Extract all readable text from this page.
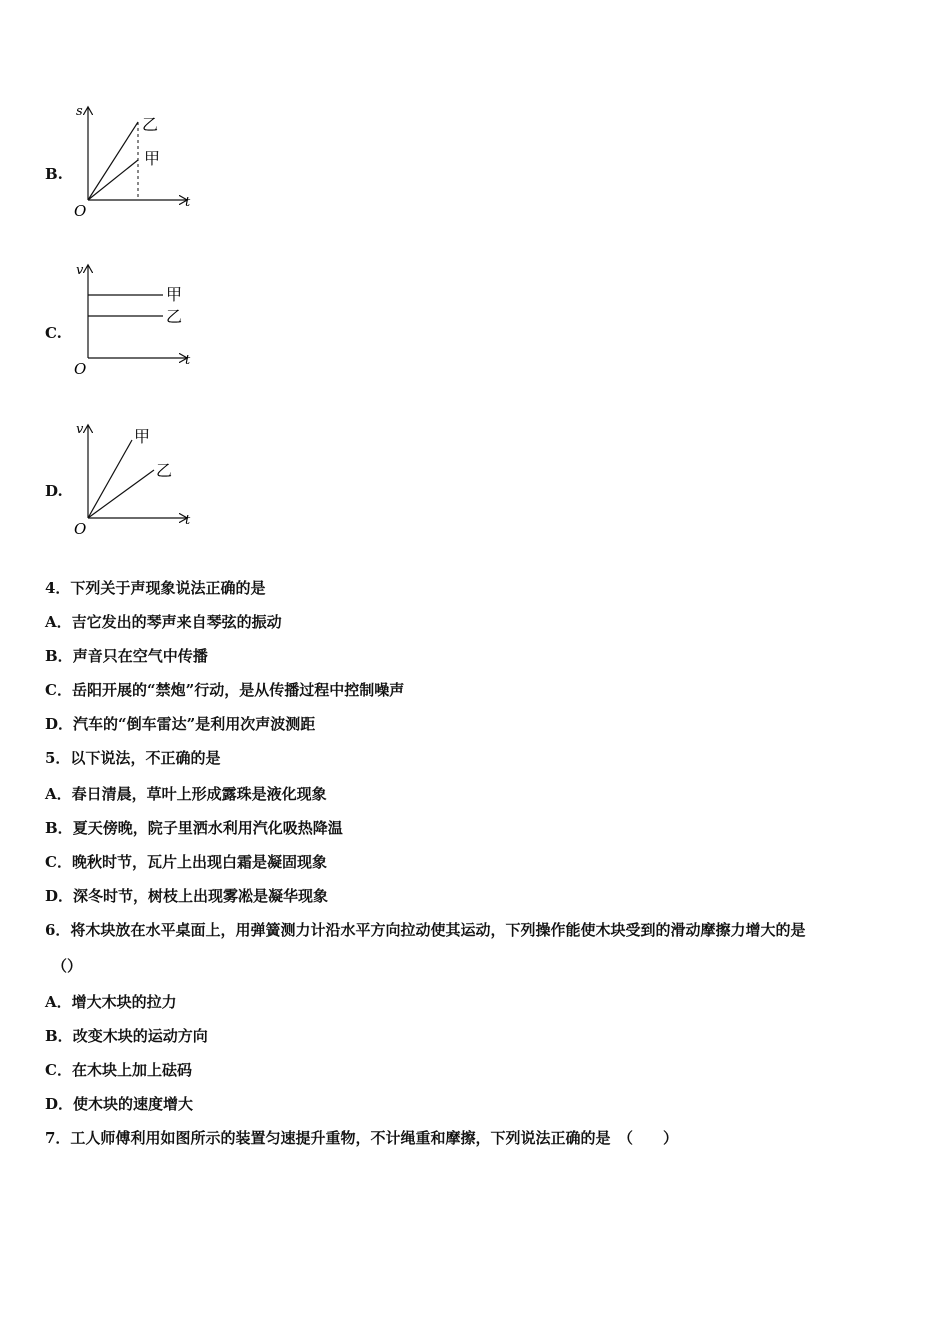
B.
s
t
O
乙
甲
C.
v
t
O
甲
乙
D.
v
t
O
甲
乙
4．下列关于声现象说法正确的是
A．吉它发出的琴声来自琴弦的振动
B．声音只在空气中传播
C．岳阳开展的“禁炮”行动，是从传播过程中控制噪声
D．汽车的“倒车雷达”是利用次声波测距
5．以下说法，不正确的是
A．春日清晨，草叶上形成露珠是液化现象
B．夏天傍晚，院子里洒水利用汽化吸热降温
C．晚秋时节，瓦片上出现白霜是凝固现象
D．深冬时节，树枝上出现雾凇是凝华现象
6．将木块放在水平桌面上，用弹簧测力计沿水平方向拉动使其运动，下列操作能使木块受到的滑动摩擦力增大的是
（）
A．增大木块的拉力
B．改变木块的运动方向
C．在木块上加上砝码
D．使木块的速度增大
7．工人师傅利用如图所示的装置匀速提升重物，不计绳重和摩擦，下列说法正确的是　（　　）
